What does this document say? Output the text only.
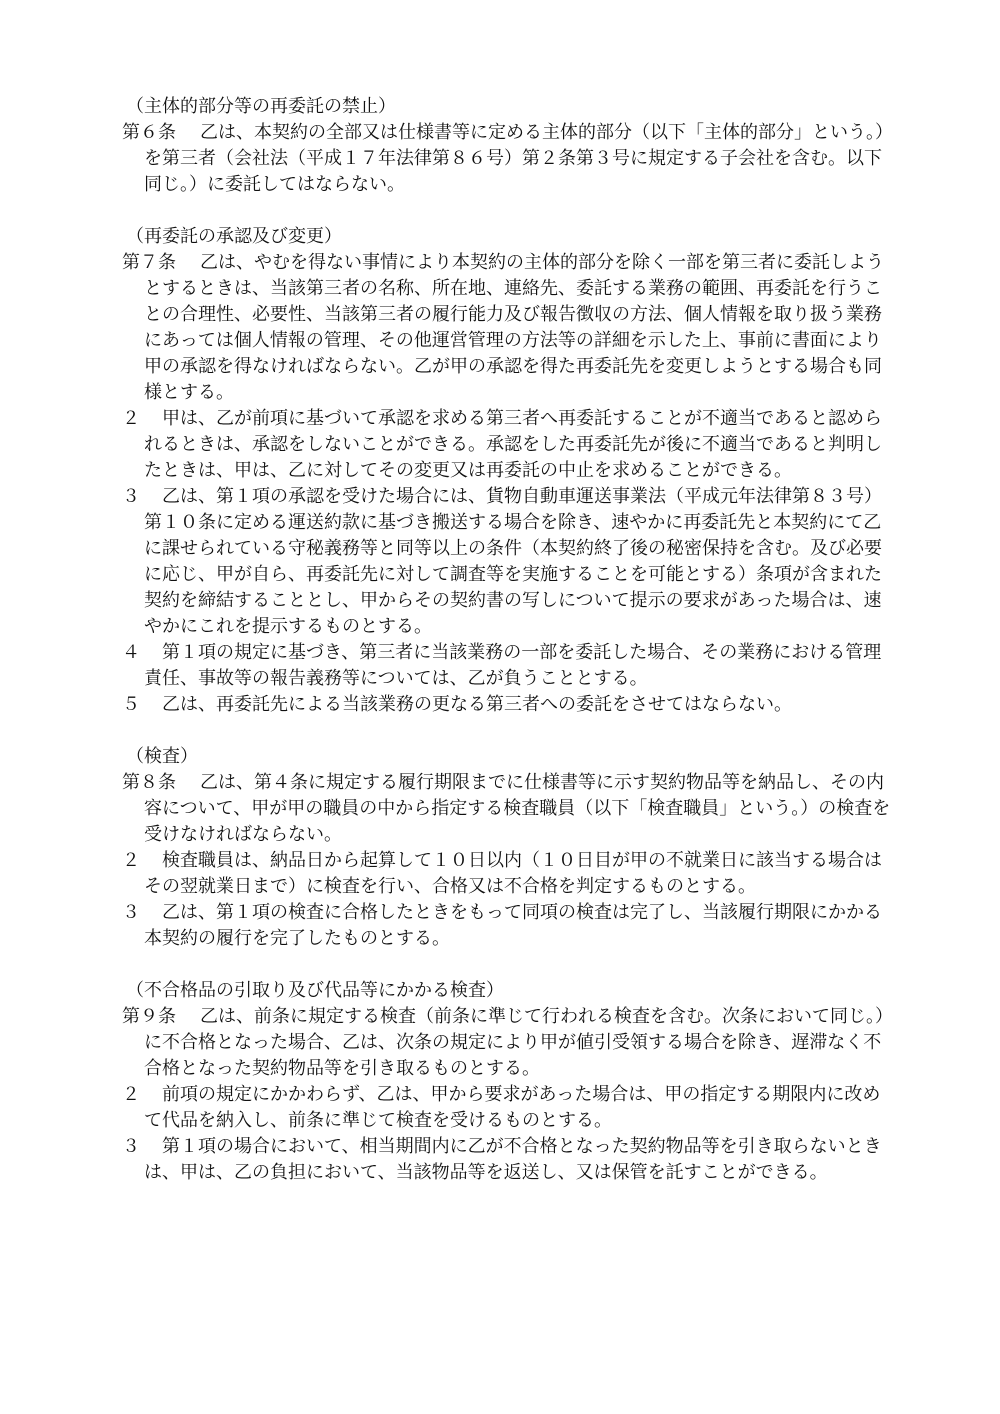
（主体的部分等の再委託の禁止）

第６条 乙は、本契約の全部又は仕様書等に定める主体的部分（以下「主体的部分」という。）を第三者（会社法（平成１７年法律第８６号）第２条第３号に規定する子会社を含む。以下同じ。）に委託してはならない。

（再委託の承認及び変更）

第７条 乙は、やむを得ない事情により本契約の主体的部分を除く一部を第三者に委託しようとするときは、当該第三者の名称、所在地、連絡先、委託する業務の範囲、再委託を行うことの合理性、必要性、当該第三者の履行能力及び報告徴収の方法、個人情報を取り扱う業務にあっては個人情報の管理、その他運営管理の方法等の詳細を示した上、事前に書面により甲の承認を得なければならない。乙が甲の承認を得た再委託先を変更しようとする場合も同様とする。
２ 甲は、乙が前項に基づいて承認を求める第三者へ再委託することが不適当であると認められるときは、承認をしないことができる。承認をした再委託先が後に不適当であると判明したときは、甲は、乙に対してその変更又は再委託の中止を求めることができる。
３ 乙は、第１項の承認を受けた場合には、貨物自動車運送事業法（平成元年法律第８３号）第１０条に定める運送約款に基づき搬送する場合を除き、速やかに再委託先と本契約にて乙に課せられている守秘義務等と同等以上の条件（本契約終了後の秘密保持を含む。及び必要に応じ、甲が自ら、再委託先に対して調査等を実施することを可能とする）条項が含まれた契約を締結することとし、甲からその契約書の写しについて提示の要求があった場合は、速やかにこれを提示するものとする。
４ 第１項の規定に基づき、第三者に当該業務の一部を委託した場合、その業務における管理責任、事故等の報告義務等については、乙が負うこととする。
５ 乙は、再委託先による当該業務の更なる第三者への委託をさせてはならない。

（検査）

第８条 乙は、第４条に規定する履行期限までに仕様書等に示す契約物品等を納品し、その内容について、甲が甲の職員の中から指定する検査職員（以下「検査職員」という。）の検査を受けなければならない。
２ 検査職員は、納品日から起算して１０日以内（１０日目が甲の不就業日に該当する場合はその翌就業日まで）に検査を行い、合格又は不合格を判定するものとする。
３ 乙は、第１項の検査に合格したときをもって同項の検査は完了し、当該履行期限にかかる本契約の履行を完了したものとする。

（不合格品の引取り及び代品等にかかる検査）

第９条 乙は、前条に規定する検査（前条に準じて行われる検査を含む。次条において同じ。）に不合格となった場合、乙は、次条の規定により甲が値引受領する場合を除き、遅滞なく不合格となった契約物品等を引き取るものとする。
２ 前項の規定にかかわらず、乙は、甲から要求があった場合は、甲の指定する期限内に改めて代品を納入し、前条に準じて検査を受けるものとする。
３ 第１項の場合において、相当期間内に乙が不合格となった契約物品等を引き取らないときは、甲は、乙の負担において、当該物品等を返送し、又は保管を託すことができる。
